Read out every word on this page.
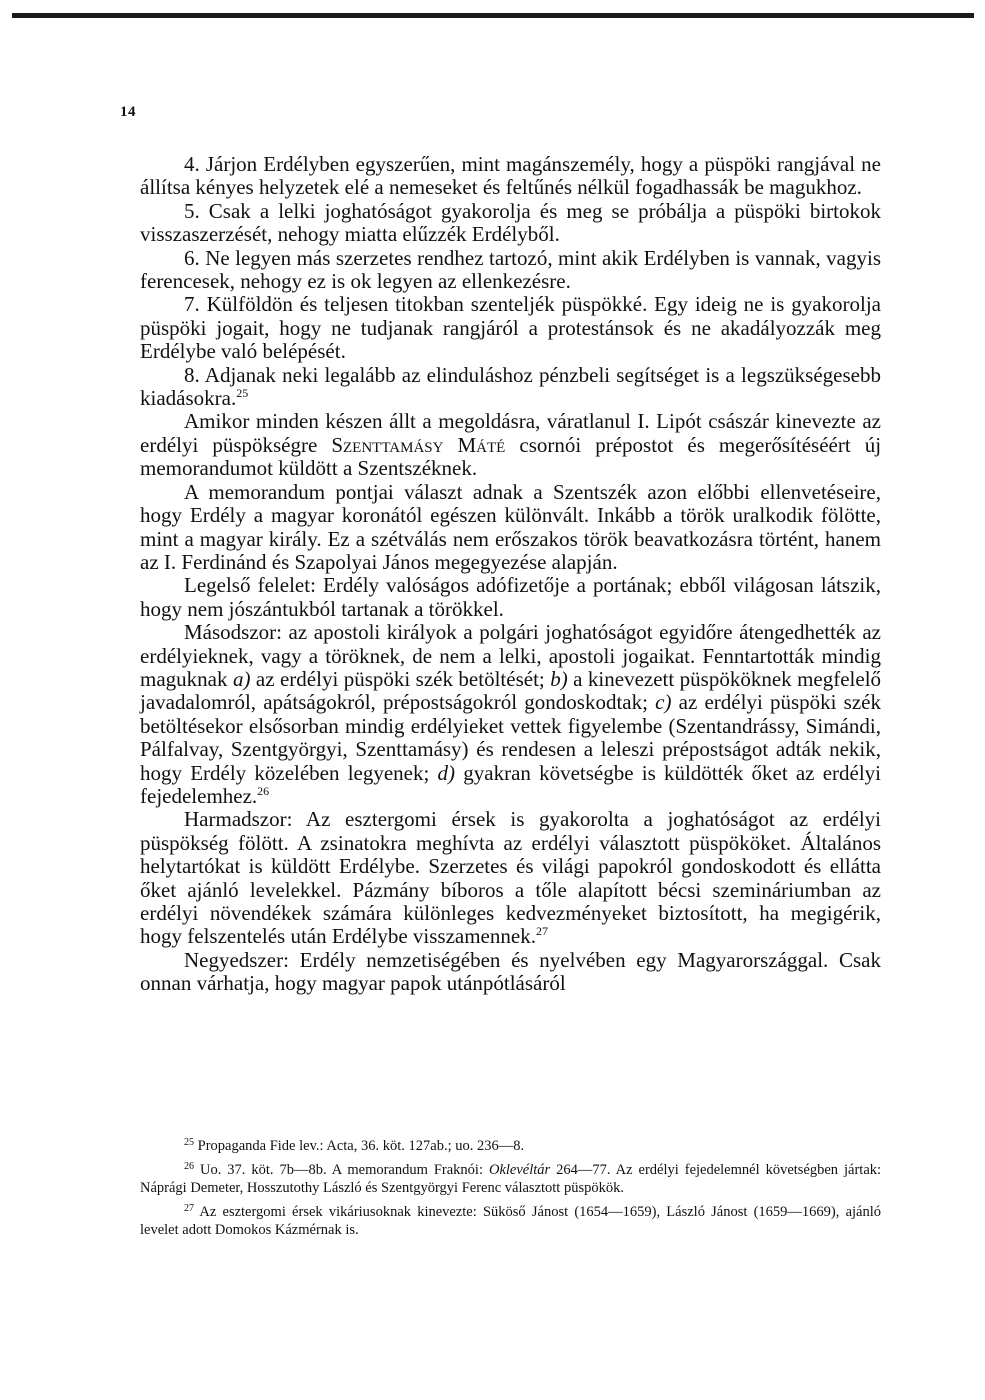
14

4. Járjon Erdélyben egyszerűen, mint magánszemély, hogy a püspöki rangjával ne állítsa kényes helyzetek elé a nemeseket és feltűnés nélkül fogadhassák be magukhoz.

5. Csak a lelki joghatóságot gyakorolja és meg se próbálja a püspöki birtokok visszaszerzését, nehogy miatta elűzzék Erdélyből.

6. Ne legyen más szerzetes rendhez tartozó, mint akik Erdélyben is vannak, vagyis ferencesek, nehogy ez is ok legyen az ellenkezésre.

7. Külföldön és teljesen titokban szenteljék püspökké. Egy ideig ne is gyakorolja püspöki jogait, hogy ne tudjanak rangjáról a protestánsok és ne akadályozzák meg Erdélybe való belépését.

8. Adjanak neki legalább az elinduláshoz pénzbeli segítséget is a legszükségesebb kiadásokra.$^{25}$

Amikor minden készen állt a megoldásra, váratlanul I. Lipót császár kinevezte az erdélyi püspökségre Szenttamásy Máté csornói prépostot és megerősítéséért új memorandumot küldött a Szentszéknek.

A memorandum pontjai választ adnak a Szentszék azon előbbi ellenvetéseire, hogy Erdély a magyar koronától egészen különvált. Inkább a török uralkodik fölötte, mint a magyar király. Ez a szétválás nem erőszakos török beavatkozásra történt, hanem az I. Ferdinánd és Szapolyai János megegyezése alapján.

Legelső felelet: Erdély valóságos adófizetője a portának; ebből világosan látszik, hogy nem jószántukból tartanak a törökkel.

Másodszor: az apostoli királyok a polgári joghatóságot egyidőre átengedhették az erdélyieknek, vagy a töröknek, de nem a lelki, apostoli jogaikat. Fenntartották mindig maguknak a) az erdélyi püspöki szék betöltését; b) a kinevezett püspököknek megfelelő javadalomról, apátságokról, prépostságokról gondoskodtak; c) az erdélyi püspöki szék betöltésekor elsősorban mindig erdélyieket vettek figyelembe (Szentandrássy, Simándi, Pálfalvay, Szentgyörgyi, Szenttamásy) és rendesen a leleszi prépostságot adták nekik, hogy Erdély közelében legyenek; d) gyakran követségbe is küldötték őket az erdélyi fejedelemhez.$^{26}$

Harmadszor: Az esztergomi érsek is gyakorolta a joghatóságot az erdélyi püspökség fölött. A zsinatokra meghívta az erdélyi választott püspököket. Általános helytartókat is küldött Erdélybe. Szerzetes és világi papokról gondoskodott és ellátta őket ajánló levelekkel. Pázmány bíboros a tőle alapított bécsi szemináriumban az erdélyi növendékek számára különleges kedvezményeket biztosított, ha megigérik, hogy felszentelés után Erdélybe visszamennek.$^{27}$

Negyedszer: Erdély nemzetiségében és nyelvében egy Magyarországgal. Csak onnan várhatja, hogy magyar papok utánpótlásáról

$^{25}$ Propaganda Fide lev.: Acta, 36. köt. 127ab.; uo. 236—8.

$^{26}$ Uo. 37. köt. 7b—8b. A memorandum Fraknói: Oklevéltár 264—77. Az erdélyi fejedelemnél követségben jártak: Náprági Demeter, Hosszutothy László és Szentgyörgyi Ferenc választott püspökök.

$^{27}$ Az esztergomi érsek vikáriusoknak kinevezte: Süköső Jánost (1654—1659), László Jánost (1659—1669), ajánló levelet adott Domokos Kázmérnak is.
